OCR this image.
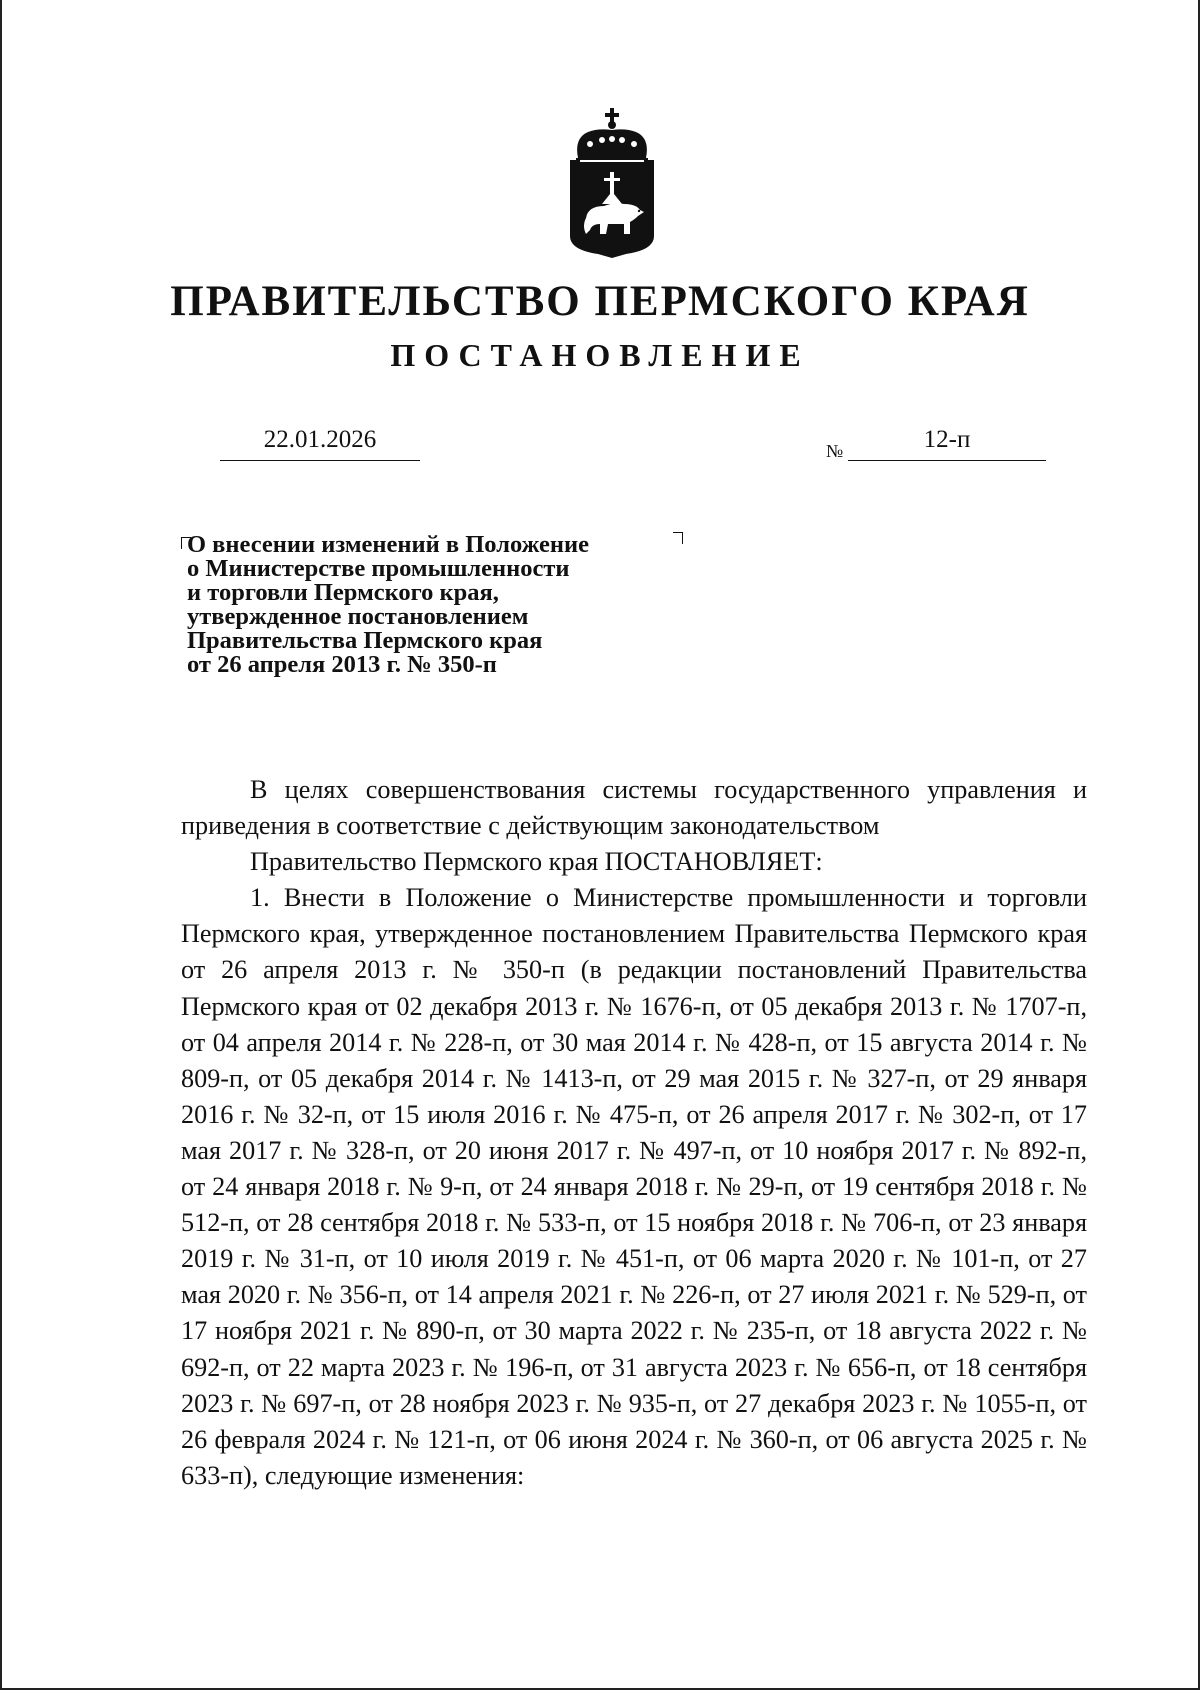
ПРАВИТЕЛЬСТВО ПЕРМСКОГО КРАЯ
ПОСТАНОВЛЕНИЕ
22.01.2026	№	12-п
О внесении изменений в Положение
о Министерстве промышленности
и торговли Пермского края,
утвержденное постановлением
Правительства Пермского края
от 26 апреля 2013 г. № 350-п

В целях совершенствования системы государственного управления и приведения в соответствие с действующим законодательством

Правительство Пермского края ПОСТАНОВЛЯЕТ:

1. Внести в Положение о Министерстве промышленности и торговли Пермского края, утвержденное постановлением Правительства Пермского края от 26 апреля 2013 г. № 350-п (в редакции постановлений Правительства Пермского края от 02 декабря 2013 г. № 1676-п, от 05 декабря 2013 г. № 1707-п, от 04 апреля 2014 г. № 228-п, от 30 мая 2014 г. № 428-п, от 15 августа 2014 г. № 809-п, от 05 декабря 2014 г. № 1413-п, от 29 мая 2015 г. № 327-п, от 29 января 2016 г. № 32-п, от 15 июля 2016 г. № 475-п, от 26 апреля 2017 г. № 302-п, от 17 мая 2017 г. № 328-п, от 20 июня 2017 г. № 497-п, от 10 ноября 2017 г. № 892-п, от 24 января 2018 г. № 9-п, от 24 января 2018 г. № 29-п, от 19 сентября 2018 г. № 512-п, от 28 сентября 2018 г. № 533-п, от 15 ноября 2018 г. № 706-п, от 23 января 2019 г. № 31-п, от 10 июля 2019 г. № 451-п, от 06 марта 2020 г. № 101-п, от 27 мая 2020 г. № 356-п, от 14 апреля 2021 г. № 226-п, от 27 июля 2021 г. № 529-п, от 17 ноября 2021 г. № 890-п, от 30 марта 2022 г. № 235-п, от 18 августа 2022 г. № 692-п, от 22 марта 2023 г. № 196-п, от 31 августа 2023 г. № 656-п, от 18 сентября 2023 г. № 697-п, от 28 ноября 2023 г. № 935-п, от 27 декабря 2023 г. № 1055-п, от 26 февраля 2024 г. № 121-п, от 06 июня 2024 г. № 360-п, от 06 августа 2025 г. № 633-п), следующие изменения:
